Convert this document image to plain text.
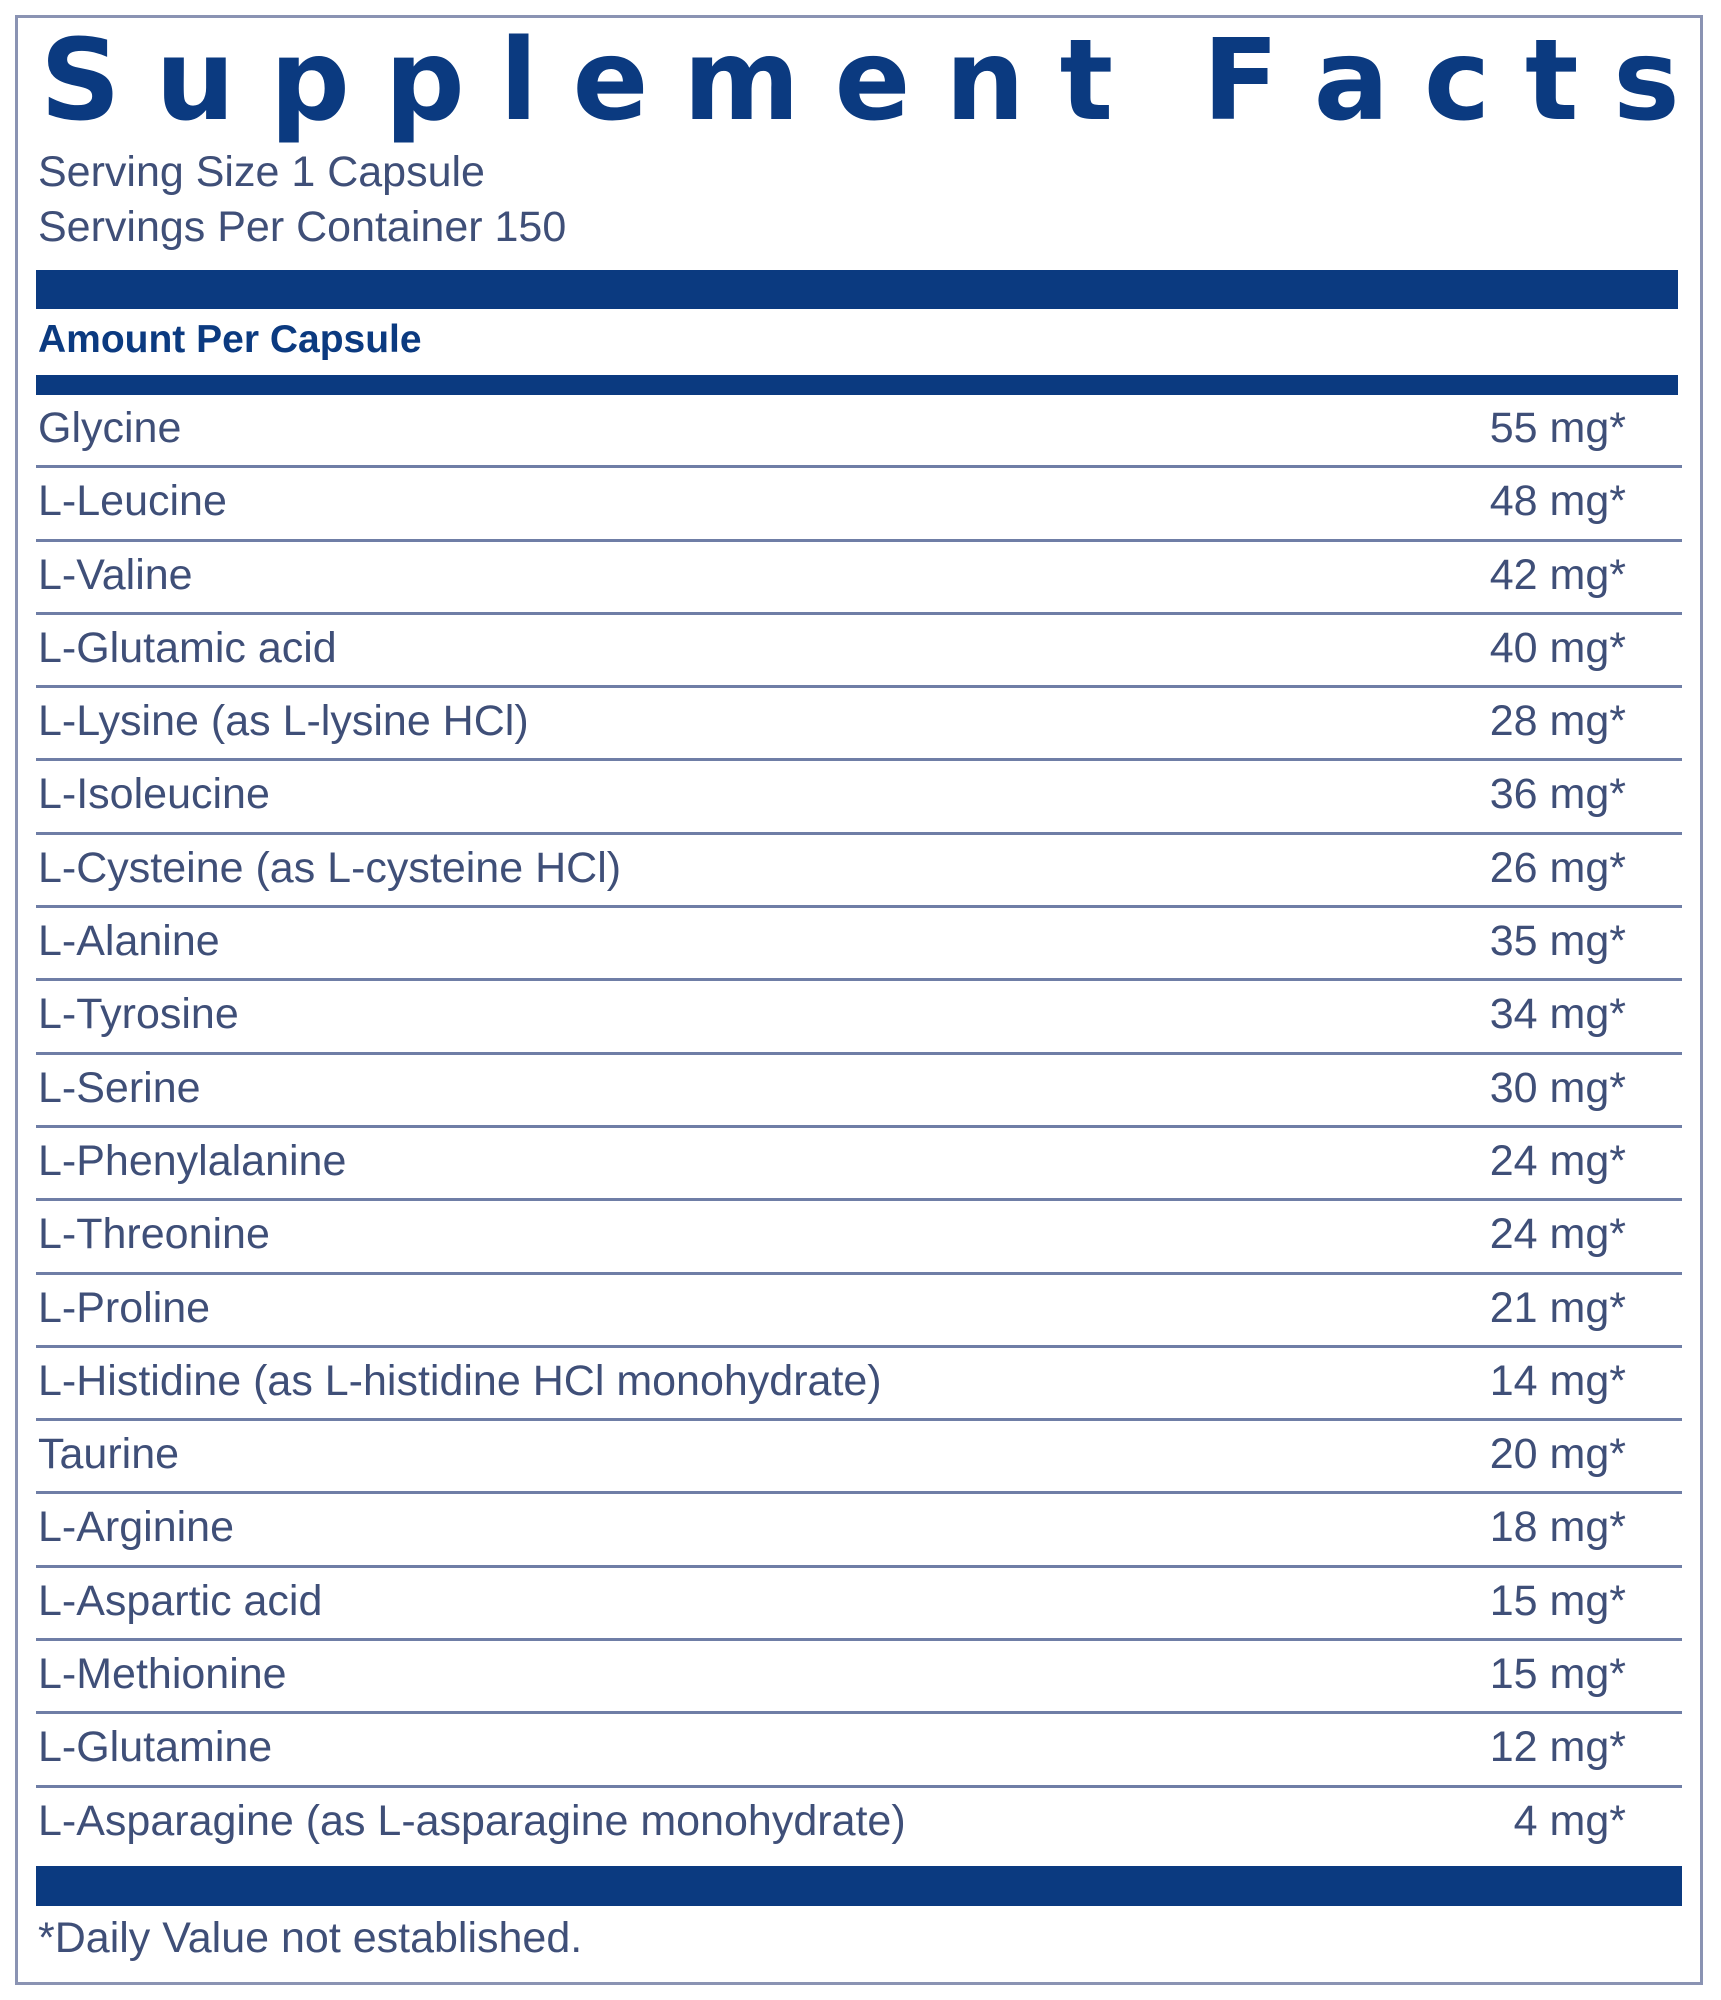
S u p p l e m e n t F a c t s
Serving Size 1 Capsule
Servings Per Container 150
Amount Per Capsule
Glycine	55 mg*
L-Leucine	48 mg*
L-Valine	42 mg*
L-Glutamic acid	40 mg*
L-Lysine (as L-lysine HCl)	28 mg*
L-Isoleucine	36 mg*
L-Cysteine (as L-cysteine HCl)	26 mg*
L-Alanine	35 mg*
L-Tyrosine	34 mg*
L-Serine	30 mg*
L-Phenylalanine	24 mg*
L-Threonine	24 mg*
L-Proline	21 mg*
L-Histidine (as L-histidine HCl monohydrate)	14 mg*
Taurine	20 mg*
L-Arginine	18 mg*
L-Aspartic acid	15 mg*
L-Methionine	15 mg*
L-Glutamine	12 mg*
L-Asparagine (as L-asparagine monohydrate)	4 mg*
*Daily Value not established.
